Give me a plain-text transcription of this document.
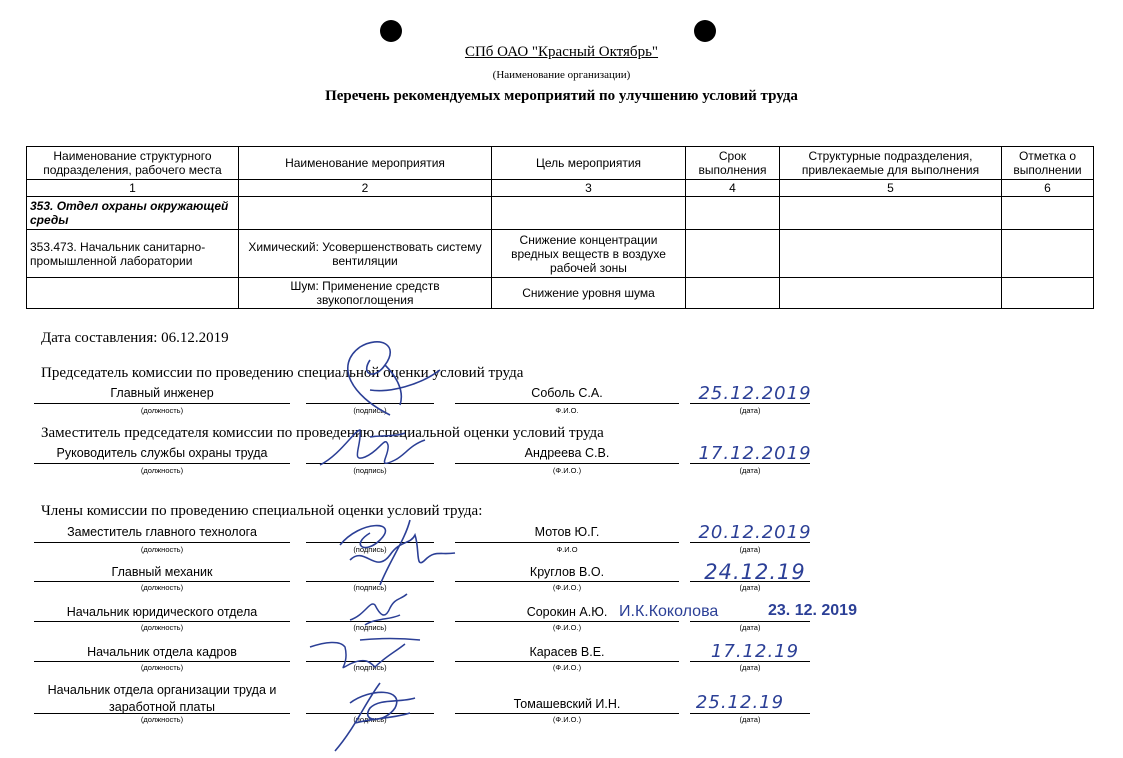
СПб ОАО "Красный Октябрь"
(Наименование организации)
Перечень рекомендуемых мероприятий по улучшению условий труда
Наименование структурного подразделения, рабочего места	Наименование мероприятия	Цель мероприятия	Срок выполнения	Структурные подразделения, привлекаемые для выполнения	Отметка о выполнении
1	2	3	4	5	6
353. Отдел охраны окружающей среды					
353.473. Начальник санитарно-промышленной лаборатории	Химический: Усовершенствовать систему вентиляции	Снижение концентрации вредных веществ в воздухе рабочей зоны			
	Шум: Применение средств звукопоглощения	Снижение уровня шума			
Дата составления: 06.12.2019
Председатель комиссии по проведению специальной оценки условий труда
Главный инженер	Соболь С.А.	25.12.2019
(должность)	(подпись)	Ф.И.О.	(дата)
Заместитель председателя комиссии по проведению специальной оценки условий труда
Руководитель службы охраны труда	Андреева С.В.	17.12.2019
(должность)	(подпись)	(Ф.И.О.)	(дата)
Члены комиссии по проведению специальной оценки условий труда:
Заместитель главного технолога	Мотов Ю.Г.	20.12.2019
(должность)	(подпись)	Ф.И.О	(дата)
Главный механик	Круглов В.О.	24.12.19
(должность)	(подпись)	(Ф.И.О.)	(дата)
Начальник юридического отдела	Сорокин А.Ю. И.К.Коколова	23. 12. 2019
(должность)	(подпись)	(Ф.И.О.)	(дата)
Начальник отдела кадров	Карасев В.Е.	17.12.19
(должность)	(подпись)	(Ф.И.О.)	(дата)
Начальник отдела организации труда и заработной платы	Томашевский И.Н.	25.12.19
(должность)	(подпись)	(Ф.И.О.)	(дата)
